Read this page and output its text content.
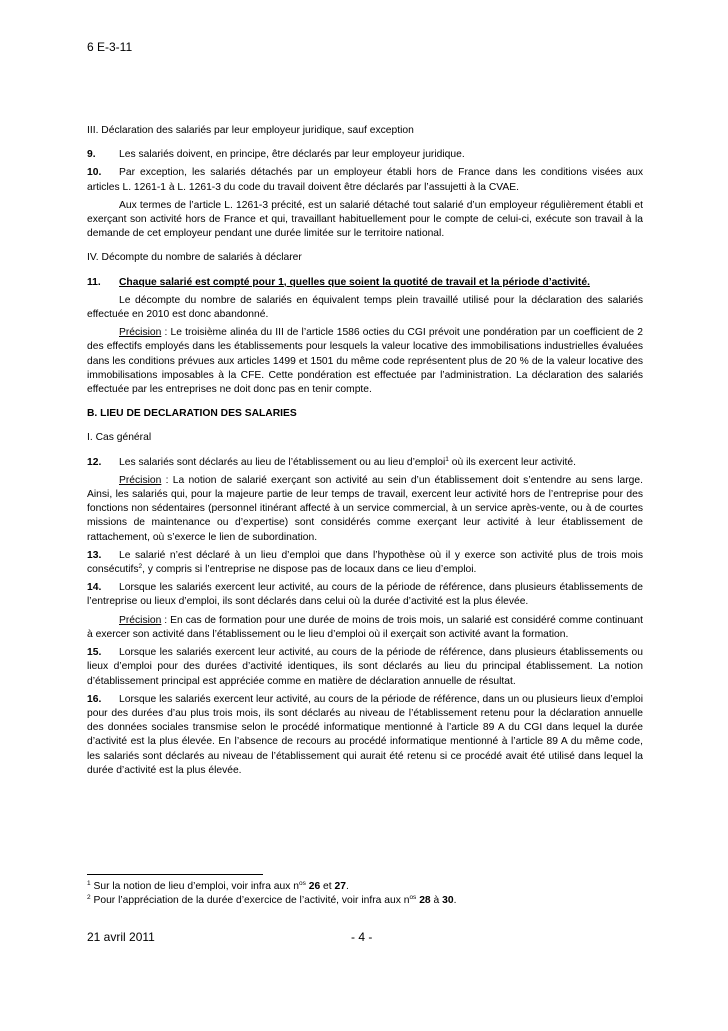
6 E-3-11

III. Déclaration des salariés par leur employeur juridique, sauf exception

9. Les salariés doivent, en principe, être déclarés par leur employeur juridique.

10. Par exception, les salariés détachés par un employeur établi hors de France dans les conditions visées aux articles L. 1261-1 à L. 1261-3 du code du travail doivent être déclarés par l’assujetti à la CVAE.

Aux termes de l’article L. 1261-3 précité, est un salarié détaché tout salarié d’un employeur régulièrement établi et exerçant son activité hors de France et qui, travaillant habituellement pour le compte de celui-ci, exécute son travail à la demande de cet employeur pendant une durée limitée sur le territoire national.

IV. Décompte du nombre de salariés à déclarer

11. Chaque salarié est compté pour 1, quelles que soient la quotité de travail et la période d’activité.

Le décompte du nombre de salariés en équivalent temps plein travaillé utilisé pour la déclaration des salariés effectuée en 2010 est donc abandonné.

Précision : Le troisième alinéa du III de l’article 1586 octies du CGI prévoit une pondération par un coefficient de 2 des effectifs employés dans les établissements pour lesquels la valeur locative des immobilisations industrielles évaluées dans les conditions prévues aux articles 1499 et 1501 du même code représentent plus de 20 % de la valeur locative des immobilisations imposables à la CFE. Cette pondération est effectuée par l’administration. La déclaration des salariés effectuée par les entreprises ne doit donc pas en tenir compte.

B. LIEU DE DECLARATION DES SALARIES

I. Cas général

12. Les salariés sont déclarés au lieu de l’établissement ou au lieu d’emploi$^1$ où ils exercent leur activité.

Précision : La notion de salarié exerçant son activité au sein d’un établissement doit s’entendre au sens large. Ainsi, les salariés qui, pour la majeure partie de leur temps de travail, exercent leur activité hors de l’entreprise pour des fonctions non sédentaires (personnel itinérant affecté à un service commercial, à un service après-vente, ou à de courtes missions de maintenance ou d’expertise) sont considérés comme exerçant leur activité à leur établissement de rattachement, où s’exerce le lien de subordination.

13. Le salarié n’est déclaré à un lieu d’emploi que dans l’hypothèse où il y exerce son activité plus de trois mois consécutifs$^2$, y compris si l’entreprise ne dispose pas de locaux dans ce lieu d’emploi.

14. Lorsque les salariés exercent leur activité, au cours de la période de référence, dans plusieurs établissements de l’entreprise ou lieux d’emploi, ils sont déclarés dans celui où la durée d’activité est la plus élevée.

Précision : En cas de formation pour une durée de moins de trois mois, un salarié est considéré comme continuant à exercer son activité dans l’établissement ou le lieu d’emploi où il exerçait son activité avant la formation.

15. Lorsque les salariés exercent leur activité, au cours de la période de référence, dans plusieurs établissements ou lieux d’emploi pour des durées d’activité identiques, ils sont déclarés au lieu du principal établissement. La notion d’établissement principal est appréciée comme en matière de déclaration annuelle de résultat.

16. Lorsque les salariés exercent leur activité, au cours de la période de référence, dans un ou plusieurs lieux d’emploi pour des durées d’au plus trois mois, ils sont déclarés au niveau de l’établissement retenu pour la déclaration annuelle des données sociales transmise selon le procédé informatique mentionné à l’article 89 A du CGI dans lequel la durée d’activité est la plus élevée. En l’absence de recours au procédé informatique mentionné à l’article 89 A du même code, les salariés sont déclarés au niveau de l’établissement qui aurait été retenu si ce procédé avait été utilisé dans lequel la durée d’activité est la plus élevée.

$^1$ Sur la notion de lieu d’emploi, voir infra aux $n^{os}$ 26 et 27.
$^2$ Pour l’appréciation de la durée d’exercice de l’activité, voir infra aux $n^{os}$ 28 à 30.
21 avril 2011	- 4 -
